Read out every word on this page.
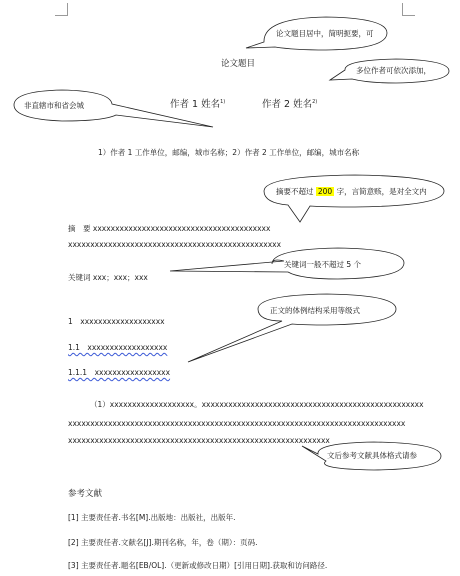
论文题目居中，简明扼要，可
多位作者可依次添加，
非直辖市和省会城
摘要不超过 200 字，言简意赅，是对全文内
关键词一般不超过 5 个
正文的体例结构采用等级式
文后参考文献具体格式请参
论文题目
作者 1 姓名$^{1)}$	作者 2 姓名$^{2)}$
1）作者 1 工作单位，邮编，城市名称；2）作者 2 工作单位，邮编，城市名称
摘　要 xxxxxxxxxxxxxxxxxxxxxxxxxxxxxxxxxxxxxxxx
xxxxxxxxxxxxxxxxxxxxxxxxxxxxxxxxxxxxxxxxxxxxxxxx
关键词 xxx；xxx；xxx
1　xxxxxxxxxxxxxxxxxxx
1.1　xxxxxxxxxxxxxxxxxx
1.1.1　xxxxxxxxxxxxxxxxx
（1）xxxxxxxxxxxxxxxxxxx。xxxxxxxxxxxxxxxxxxxxxxxxxxxxxxxxxxxxxxxxxxxxxxxxxx
xxxxxxxxxxxxxxxxxxxxxxxxxxxxxxxxxxxxxxxxxxxxxxxxxxxxxxxxxxxxxxxxxxxxxxxxxxxx
xxxxxxxxxxxxxxxxxxxxxxxxxxxxxxxxxxxxxxxxxxxxxxxxxxxxxxxxxxx
参考文献
[1] 主要责任者.书名[M].出版地：出版社，出版年.
[2] 主要责任者.文献名[J].期刊名称，年，卷（期）：页码.
[3] 主要责任者.题名[EB/OL].（更新或修改日期）[引用日期].获取和访问路径.
